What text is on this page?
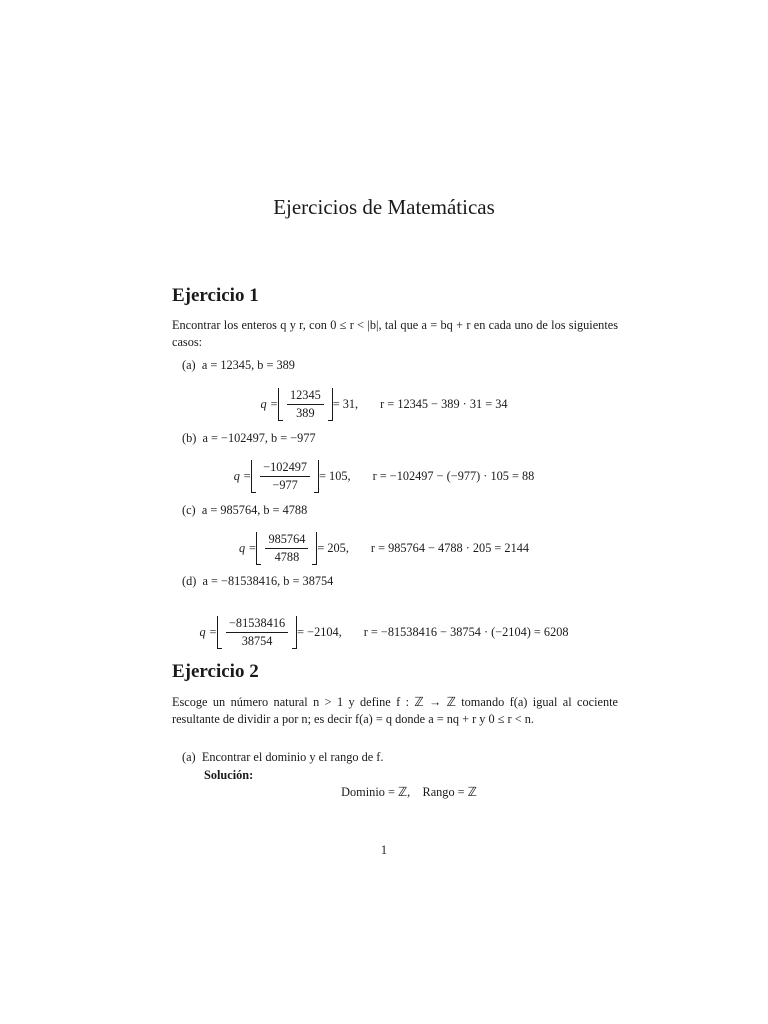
Ejercicios de Matemáticas
Ejercicio 1
Encontrar los enteros q y r, con 0 ≤ r < |b|, tal que a = bq + r en cada uno de los siguientes casos:
(a) a = 12345, b = 389
$q = \frac{12345}{389} = 31$, r = 12345 − 389 · 31 = 34
(b) a = −102497, b = −977
$q = \frac{-102497}{-977} = 105$, r = −102497 − (−977) · 105 = 88
(c) a = 985764, b = 4788
$q = \frac{985764}{4788} = 205$, r = 985764 − 4788 · 205 = 2144
(d) a = −81538416, b = 38754
$q = \frac{-81538416}{38754} = -2104$, r = −81538416 − 38754 · (−2104) = 6208
Ejercicio 2
Escoge un número natural n > 1 y define f : ℤ → ℤ tomando f(a) igual al cociente resultante de dividir a por n; es decir f(a) = q donde a = nq + r y 0 ≤ r < n.
(a) Encontrar el dominio y el rango de f.
Solución:
Dominio = ℤ,    Rango = ℤ
1
